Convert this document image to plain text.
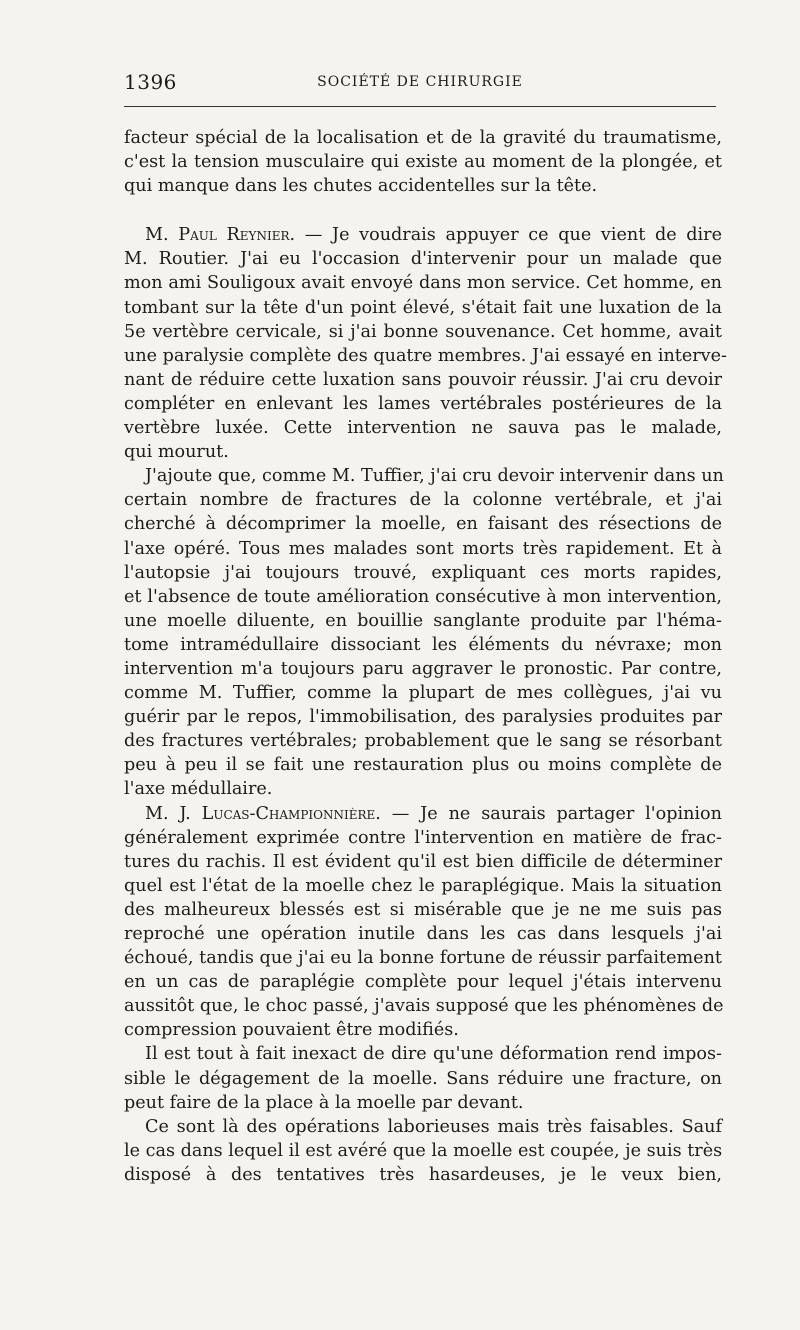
1396	SOCIÉTÉ DE CHIRURGIE
facteur spécial de la localisation et de la gravité du traumatisme,
c'est la tension musculaire qui existe au moment de la plongée, et
qui manque dans les chutes accidentelles sur la tête.
M. Paul Reynier. — Je voudrais appuyer ce que vient de dire
M. Routier. J'ai eu l'occasion d'intervenir pour un malade que
mon ami Souligoux avait envoyé dans mon service. Cet homme, en
tombant sur la tête d'un point élevé, s'était fait une luxation de la
5e vertèbre cervicale, si j'ai bonne souvenance. Cet homme, avait
une paralysie complète des quatre membres. J'ai essayé en interve-
nant de réduire cette luxation sans pouvoir réussir. J'ai cru devoir
compléter en enlevant les lames vertébrales postérieures de la
vertèbre luxée. Cette intervention ne sauva pas le malade,
qui mourut.
J'ajoute que, comme M. Tuffier, j'ai cru devoir intervenir dans un
certain nombre de fractures de la colonne vertébrale, et j'ai
cherché à décomprimer la moelle, en faisant des résections de
l'axe opéré. Tous mes malades sont morts très rapidement. Et à
l'autopsie j'ai toujours trouvé, expliquant ces morts rapides,
et l'absence de toute amélioration consécutive à mon intervention,
une moelle diluente, en bouillie sanglante produite par l'héma-
tome intramédullaire dissociant les éléments du névraxe; mon
intervention m'a toujours paru aggraver le pronostic. Par contre,
comme M. Tuffier, comme la plupart de mes collègues, j'ai vu
guérir par le repos, l'immobilisation, des paralysies produites par
des fractures vertébrales; probablement que le sang se résorbant
peu à peu il se fait une restauration plus ou moins complète de
l'axe médullaire.
M. J. Lucas-Championnière. — Je ne saurais partager l'opinion
généralement exprimée contre l'intervention en matière de frac-
tures du rachis. Il est évident qu'il est bien difficile de déterminer
quel est l'état de la moelle chez le paraplégique. Mais la situation
des malheureux blessés est si misérable que je ne me suis pas
reproché une opération inutile dans les cas dans lesquels j'ai
échoué, tandis que j'ai eu la bonne fortune de réussir parfaitement
en un cas de paraplégie complète pour lequel j'étais intervenu
aussitôt que, le choc passé, j'avais supposé que les phénomènes de
compression pouvaient être modifiés.
Il est tout à fait inexact de dire qu'une déformation rend impos-
sible le dégagement de la moelle. Sans réduire une fracture, on
peut faire de la place à la moelle par devant.
Ce sont là des opérations laborieuses mais très faisables. Sauf
le cas dans lequel il est avéré que la moelle est coupée, je suis très
disposé à des tentatives très hasardeuses, je le veux bien,
